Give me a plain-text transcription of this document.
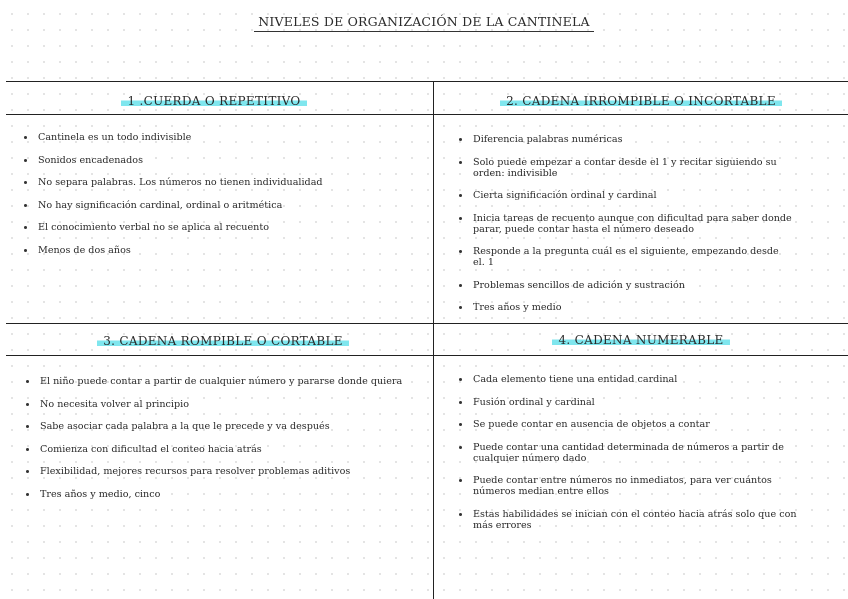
NIVELES DE ORGANIZACIÓN DE LA CANTINELA
1 .CUERDA O REPETITIVO
Cantinela es un todo indivisible
Sonidos encadenados
No separa palabras. Los números no tienen individualidad
No hay significación cardinal, ordinal o aritmética
El conocimiento verbal no se aplica al recuento
Menos de dos años
2. CADENA IRROMPIBLE O INCORTABLE
Diferencia palabras numéricas
Solo puede empezar a contar desde el 1 y recitar siguiendo su orden: indivisible
Cierta significación ordinal y cardinal
Inicia tareas de recuento aunque con dificultad para saber donde parar, puede contar hasta el número deseado
Responde a la pregunta cuál es el siguiente, empezando desde el. 1
Problemas sencillos de adición y sustración
Tres años y medio
3. CADENA ROMPIBLE O CORTABLE
El niño puede contar a partir de cualquier número y pararse donde quiera
No necesita volver al principio
Sabe asociar cada palabra a la que le precede y va después
Comienza con dificultad el conteo hacia atrás
Flexibilidad, mejores recursos para resolver problemas aditivos
Tres años y medio, cinco
4. CADENA NUMERABLE
Cada elemento tiene una entidad cardinal
Fusión ordinal y cardinal
Se puede contar en ausencia de objetos a contar
Puede contar una cantidad determinada de números a partir de cualquier número dado
Puede contar entre números no inmediatos, para ver cuántos números median entre ellos
Estas habilidades se inician con el conteo hacia atrás solo que con más errores
